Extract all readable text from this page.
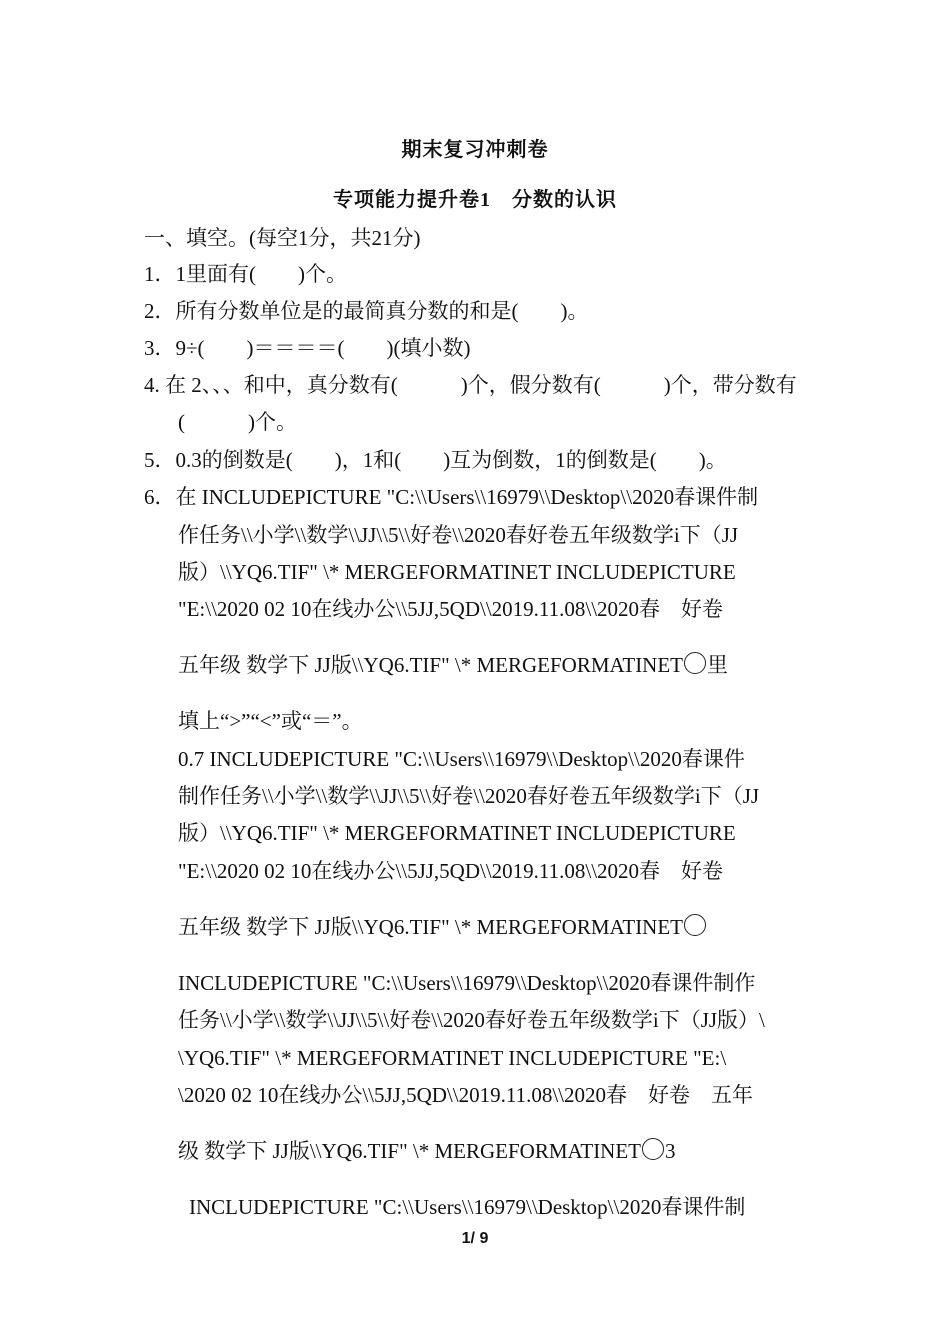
期末复习冲刺卷
专项能力提升卷1　分数的认识
一、填空。(每空1分，共21分)
1．1里面有(　　)个。
2．所有分数单位是的最简真分数的和是(　　)。
3．9÷(　　)＝＝＝＝(　　)(填小数)
4. 在 2、、、和中，真分数有(　　　)个，假分数有(　　　)个，带分数有
(　　　)个。
5．0.3的倒数是(　　)，1和(　　)互为倒数，1的倒数是(　　)。
6．在 INCLUDEPICTURE "C:\\Users\\16979\\Desktop\\2020春课件制
作任务\\小学\\数学\\JJ\\5\\好卷\\2020春好卷五年级数学i下（JJ
版）\\YQ6.TIF" \* MERGEFORMATINET INCLUDEPICTURE
"E:\\2020 02 10在线办公\\5JJ,5QD\\2019.11.08\\2020春　好卷
五年级 数学下 JJ版\\YQ6.TIF" \* MERGEFORMATINET 里
填上“>”“<”或“＝”。
0.7 INCLUDEPICTURE "C:\\Users\\16979\\Desktop\\2020春课件
制作任务\\小学\\数学\\JJ\\5\\好卷\\2020春好卷五年级数学i下（JJ
版）\\YQ6.TIF" \* MERGEFORMATINET INCLUDEPICTURE
"E:\\2020 02 10在线办公\\5JJ,5QD\\2019.11.08\\2020春　好卷
五年级 数学下 JJ版\\YQ6.TIF" \* MERGEFORMATINET
INCLUDEPICTURE "C:\\Users\\16979\\Desktop\\2020春课件制作
任务\\小学\\数学\\JJ\\5\\好卷\\2020春好卷五年级数学i下（JJ版）\
\YQ6.TIF" \* MERGEFORMATINET INCLUDEPICTURE "E:\
\2020 02 10在线办公\\5JJ,5QD\\2019.11.08\\2020春　好卷　五年
级 数学下 JJ版\\YQ6.TIF" \* MERGEFORMATINET 3
INCLUDEPICTURE "C:\\Users\\16979\\Desktop\\2020春课件制
1/ 9
